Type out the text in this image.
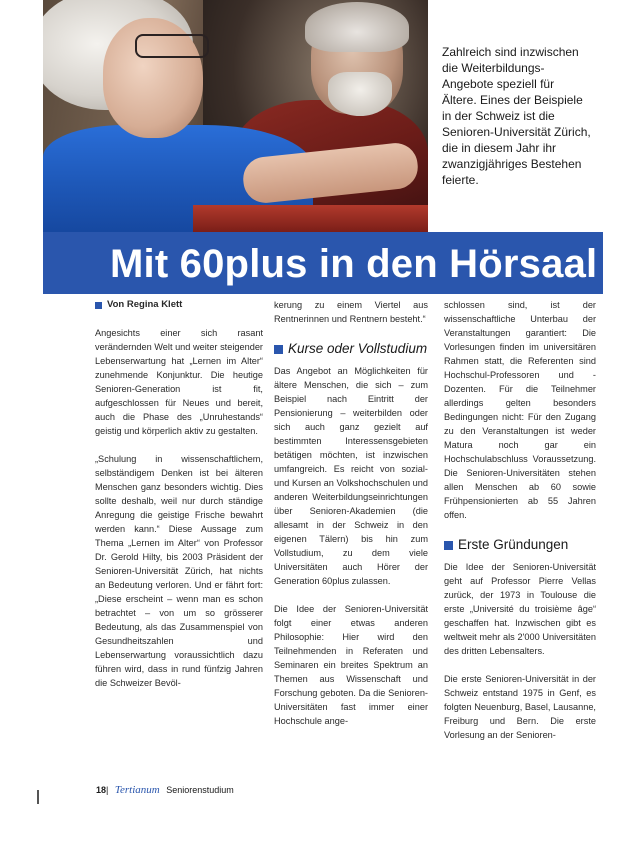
Zahlreich sind inzwischen die Weiterbildungs-Angebote speziell für Ältere. Eines der Beispiele in der Schweiz ist die Senioren-Universität Zürich, die in diesem Jahr ihr zwanzigjähriges Bestehen feierte.

Mit 60plus in den Hörsaal

Von Regina Klett

Angesichts einer sich rasant verändernden Welt und weiter steigender Lebenserwartung hat „Lernen im Alter“ zunehmende Konjunktur. Die heutige Senioren-Generation ist fit, aufgeschlossen für Neues und bereit, auch die Phase des „Unruhestands“ geistig und körperlich aktiv zu gestalten.

„Schulung in wissenschaftlichem, selbständigem Denken ist bei älteren Menschen ganz besonders wichtig. Dies sollte deshalb, weil nur durch ständige Anregung die geistige Frische bewahrt werden kann.“ Diese Aussage zum Thema „Lernen im Alter“ von Professor Dr. Gerold Hilty, bis 2003 Präsident der Senioren-Universität Zürich, hat nichts an Bedeutung verloren. Und er fährt fort: „Diese erscheint – wenn man es schon betrachtet – von um so grösserer Bedeutung, als das Zusammenspiel von Gesundheitszahlen und Lebenserwartung voraussichtlich dazu führen wird, dass in rund fünfzig Jahren die Schweizer Bevöl-

kerung zu einem Viertel aus Rentnerinnen und Rentnern besteht.“

Kurse oder Vollstudium

Das Angebot an Möglichkeiten für ältere Menschen, die sich – zum Beispiel nach Eintritt der Pensionierung – weiterbilden oder sich auch ganz gezielt auf bestimmten Interessensgebieten betätigen möchten, ist inzwischen umfangreich. Es reicht von sozial- und Kursen an Volkshochschulen und anderen Weiterbildungseinrichtungen über Senioren-Akademien (die allesamt in der Schweiz in den eigenen Tälern) bis hin zum Vollstudium, zu dem viele Universitäten auch Hörer der Generation 60plus zulassen.

Die Idee der Senioren-Universität folgt einer etwas anderen Philosophie: Hier wird den Teilnehmenden in Referaten und Seminaren ein breites Spektrum an Themen aus Wissenschaft und Forschung geboten. Da die Senioren-Universitäten fast immer einer Hochschule ange-

schlossen sind, ist der wissenschaftliche Unterbau der Veranstaltungen garantiert: Die Vorlesungen finden im universitären Rahmen statt, die Referenten sind Hochschul-Professoren und -Dozenten. Für die Teilnehmer allerdings gelten besonders Bedingungen nicht: Für den Zugang zu den Veranstaltungen ist weder Matura noch gar ein Hochschulabschluss Voraussetzung. Die Senioren-Universitäten stehen allen Menschen ab 60 sowie Frühpensionierten ab 55 Jahren offen.

Erste Gründungen

Die Idee der Senioren-Universität geht auf Professor Pierre Vellas zurück, der 1973 in Toulouse die erste „Université du troisième âge“ geschaffen hat. Inzwischen gibt es weltweit mehr als 2'000 Universitäten des dritten Lebensalters.

Die erste Senioren-Universität in der Schweiz entstand 1975 in Genf, es folgten Neuenburg, Basel, Lausanne, Freiburg und Bern. Die erste Vorlesung an der Senioren-

18| Tertianum Seniorenstudium
